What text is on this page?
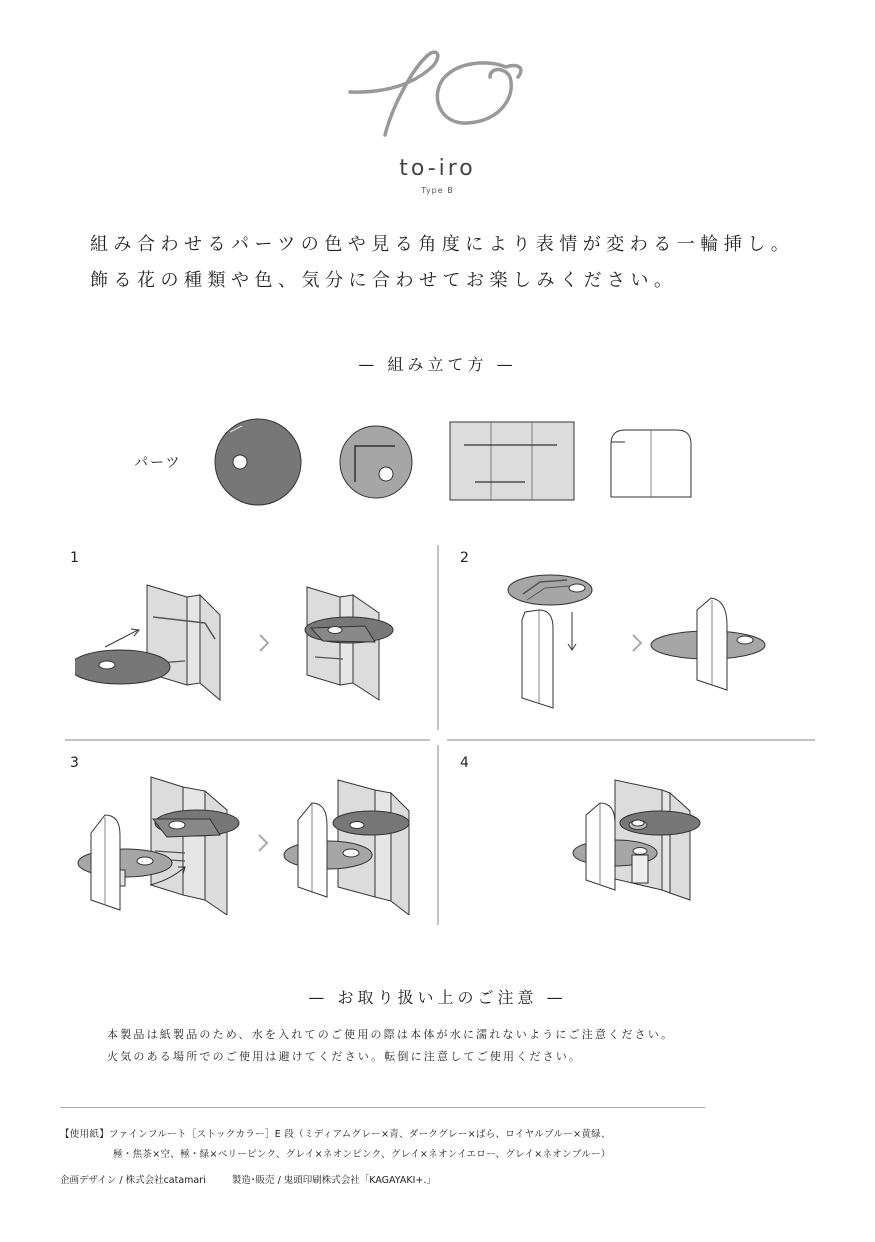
to-iro
Type B
組み合わせるパーツの色や見る角度により表情が変わる一輪挿し。
飾る花の種類や色、気分に合わせてお楽しみください。
— 組み立て方 —
パーツ
1	2
3	4
— お取り扱い上のご注意 —
本製品は紙製品のため、水を入れてのご使用の際は本体が水に濡れないようにご注意ください。
火気のある場所でのご使用は避けてください。転倒に注意してご使用ください。
【使用紙】ファインフルート［ストックカラー］E 段（ミディアムグレー×青、ダークグレー×ばら、ロイヤルブルー×黄緑、
極・焦茶×空、極・緑×ベリーピンク、グレイ×ネオンピンク、グレイ×ネオンイエロー、グレイ×ネオンブルー）
企画デザイン / 株式会社catamari	製造･販売 / 鬼頭印刷株式会社「KAGAYAKI+.」
